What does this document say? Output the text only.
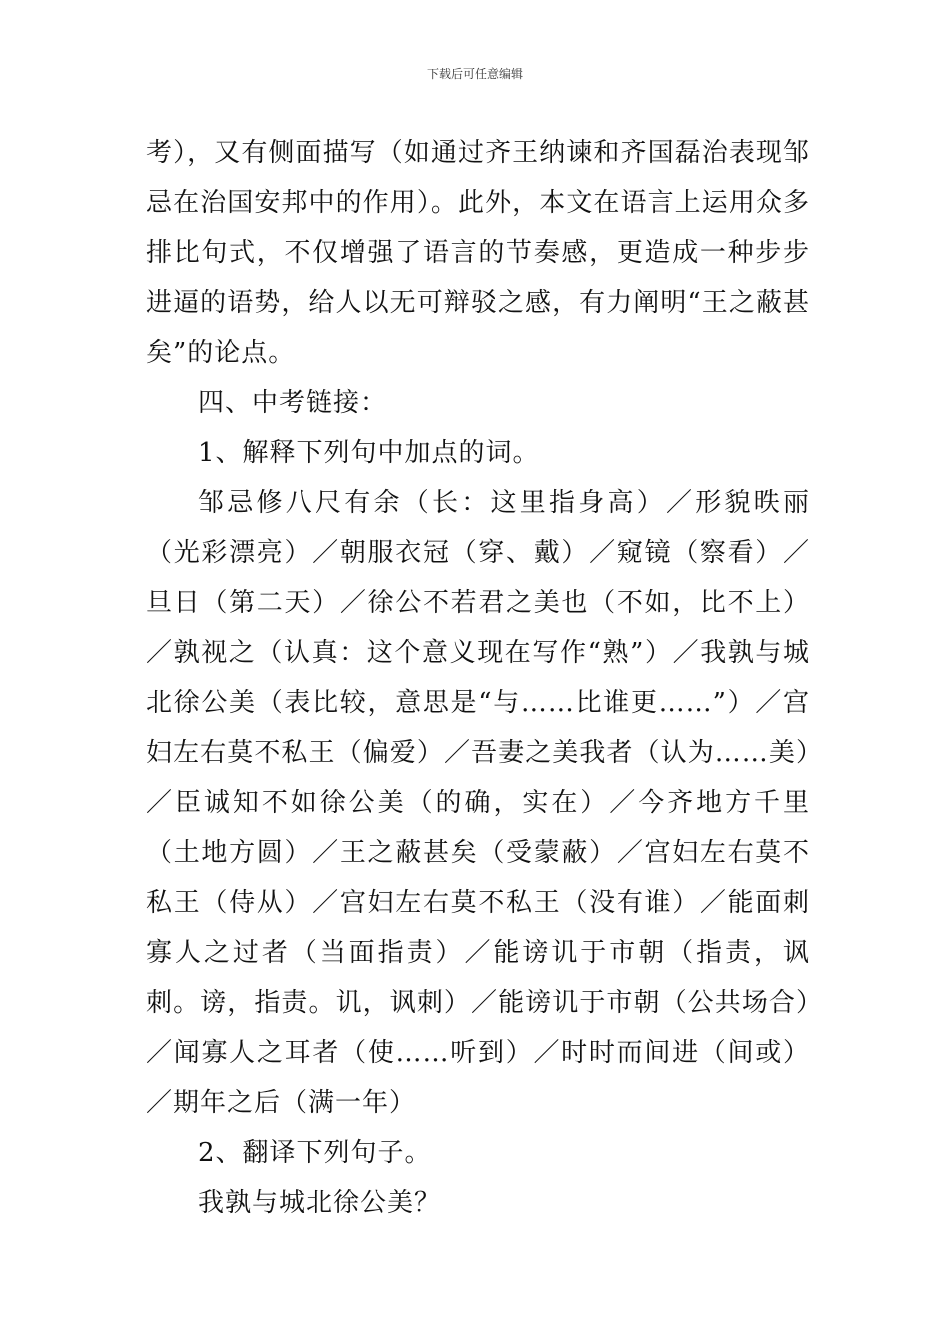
下载后可任意编辑

考），又有侧面描写（如通过齐王纳谏和齐国磊治表现邹忌在治国安邦中的作用）。此外，本文在语言上运用众多排比句式，不仅增强了语言的节奏感，更造成一种步步进逼的语势，给人以无可辩驳之感，有力阐明“王之蔽甚矣”的论点。

四、中考链接：

1、解释下列句中加点的词。

邹忌修八尺有余（长：这里指身高）／形貌昳丽（光彩漂亮）／朝服衣冠（穿、戴）／窥镜（察看）／旦日（第二天）／徐公不若君之美也（不如，比不上）／孰视之（认真：这个意义现在写作“熟”）／我孰与城北徐公美（表比较，意思是“与……比谁更……”）／宫妇左右莫不私王（偏爱）／吾妻之美我者（认为……美）／臣诚知不如徐公美（的确，实在）／今齐地方千里（土地方圆）／王之蔽甚矣（受蒙蔽）／宫妇左右莫不私王（侍从）／宫妇左右莫不私王（没有谁）／能面刺寡人之过者（当面指责）／能谤讥于市朝（指责，讽刺。谤，指责。讥，讽刺）／能谤讥于市朝（公共场合）／闻寡人之耳者（使……听到）／时时而间进（间或）／期年之后（满一年）

2、翻译下列句子。

我孰与城北徐公美？
